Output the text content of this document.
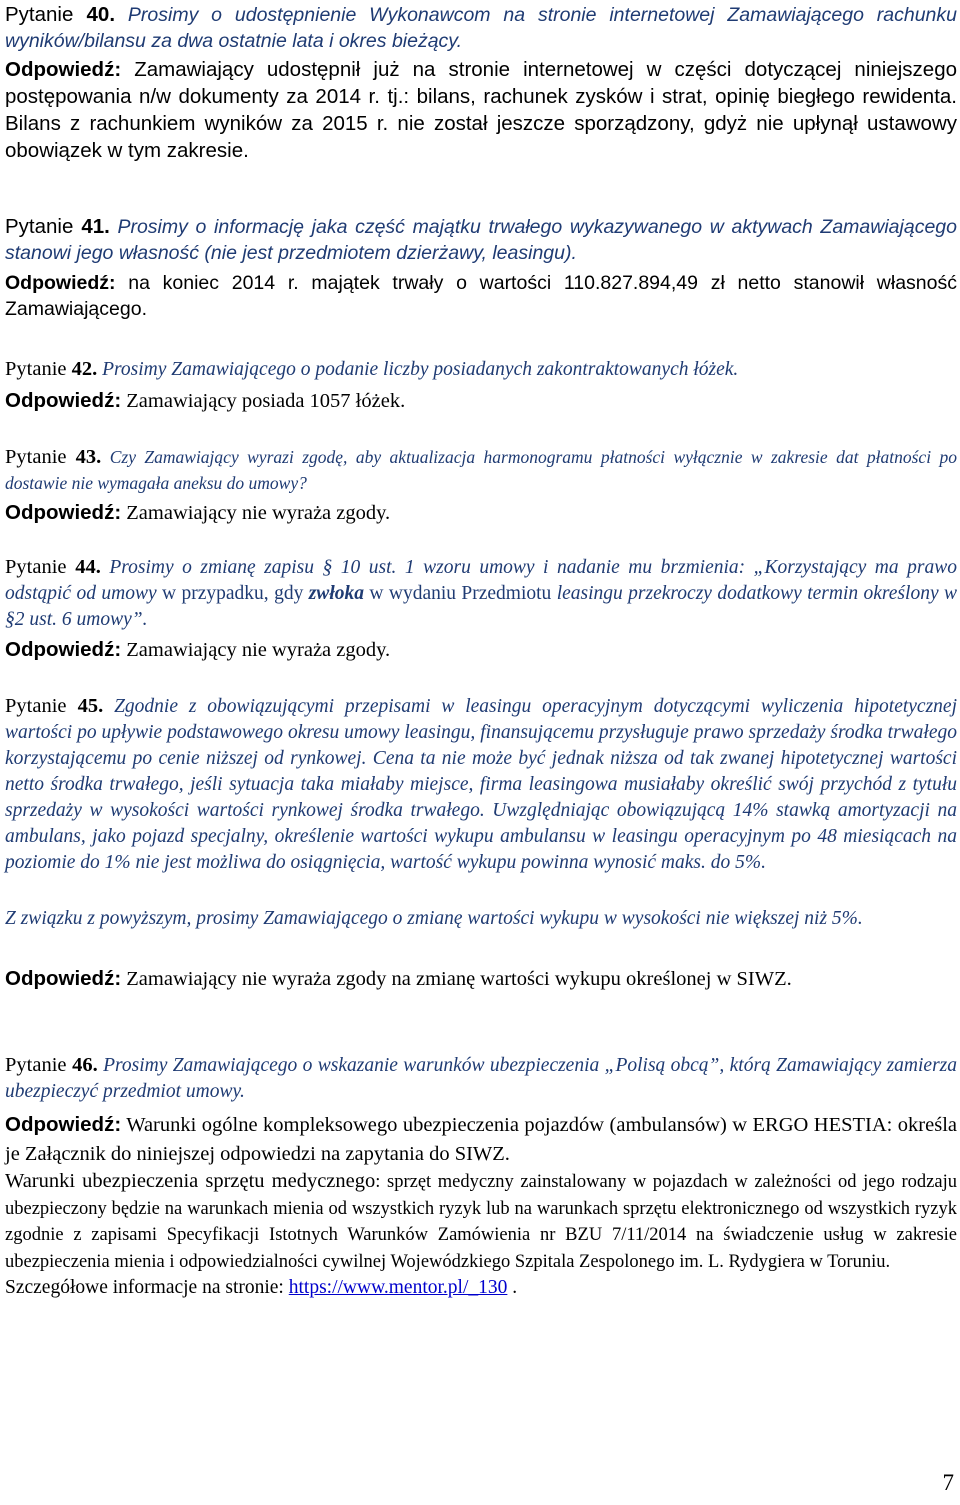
Pytanie 40. Prosimy o udostępnienie Wykonawcom na stronie internetowej Zamawiającego rachunku wyników/bilansu za dwa ostatnie lata i okres bieżący.

Odpowiedź: Zamawiający udostępnił już na stronie internetowej w części dotyczącej niniejszego postępowania n/w dokumenty za 2014 r. tj.: bilans, rachunek zysków i strat, opinię biegłego rewidenta. Bilans z rachunkiem wyników za 2015 r. nie został jeszcze sporządzony, gdyż nie upłynął ustawowy obowiązek w tym zakresie.

Pytanie 41. Prosimy o informację jaka część majątku trwałego wykazywanego w aktywach Zamawiającego stanowi jego własność (nie jest przedmiotem dzierżawy, leasingu).

Odpowiedź: na koniec 2014 r. majątek trwały o wartości 110.827.894,49 zł netto stanowił własność Zamawiającego.

Pytanie 42. Prosimy Zamawiającego o podanie liczby posiadanych zakontraktowanych łóżek.

Odpowiedź: Zamawiający posiada 1057 łóżek.

Pytanie 43. Czy Zamawiający wyrazi zgodę, aby aktualizacja harmonogramu płatności wyłącznie w zakresie dat płatności po dostawie nie wymagała aneksu do umowy?

Odpowiedź: Zamawiający nie wyraża zgody.

Pytanie 44. Prosimy o zmianę zapisu § 10 ust. 1 wzoru umowy i nadanie mu brzmienia: „Korzystający ma prawo odstąpić od umowy w przypadku, gdy zwłoka w wydaniu Przedmiotu leasingu przekroczy dodatkowy termin określony w §2 ust. 6 umowy”.

Odpowiedź: Zamawiający nie wyraża zgody.

Pytanie 45. Zgodnie z obowiązującymi przepisami w leasingu operacyjnym dotyczącymi wyliczenia hipotetycznej wartości po upływie podstawowego okresu umowy leasingu, finansującemu przysługuje prawo sprzedaży środka trwałego korzystającemu po cenie niższej od rynkowej. Cena ta nie może być jednak niższa od tak zwanej hipotetycznej wartości netto środka trwałego, jeśli sytuacja taka miałaby miejsce, firma leasingowa musiałaby określić swój przychód z tytułu sprzedaży w wysokości wartości rynkowej środka trwałego. Uwzględniając obowiązującą 14% stawką amortyzacji na ambulans, jako pojazd specjalny, określenie wartości wykupu ambulansu w leasingu operacyjnym po 48 miesiącach na poziomie do 1% nie jest możliwa do osiągnięcia, wartość wykupu powinna wynosić maks. do 5%.

Z związku z powyższym, prosimy Zamawiającego o zmianę wartości wykupu w wysokości nie większej niż 5%.

Odpowiedź: Zamawiający nie wyraża zgody na zmianę wartości wykupu określonej w SIWZ.

Pytanie 46. Prosimy Zamawiającego o wskazanie warunków ubezpieczenia „Polisą obcą”, którą Zamawiający zamierza ubezpieczyć przedmiot umowy.

Odpowiedź: Warunki ogólne kompleksowego ubezpieczenia pojazdów (ambulansów) w ERGO HESTIA: określa je Załącznik do niniejszej odpowiedzi na zapytania do SIWZ.

Warunki ubezpieczenia sprzętu medycznego: sprzęt medyczny zainstalowany w pojazdach w zależności od jego rodzaju ubezpieczony będzie na warunkach mienia od wszystkich ryzyk lub na warunkach sprzętu elektronicznego od wszystkich ryzyk zgodnie z zapisami Specyfikacji Istotnych Warunków Zamówienia nr BZU 7/11/2014 na świadczenie usług w zakresie ubezpieczenia mienia i odpowiedzialności cywilnej Wojewódzkiego Szpitala Zespolonego im. L. Rydygiera w Toruniu.
Szczegółowe informacje na stronie: https://www.mentor.pl/_130 .

7
